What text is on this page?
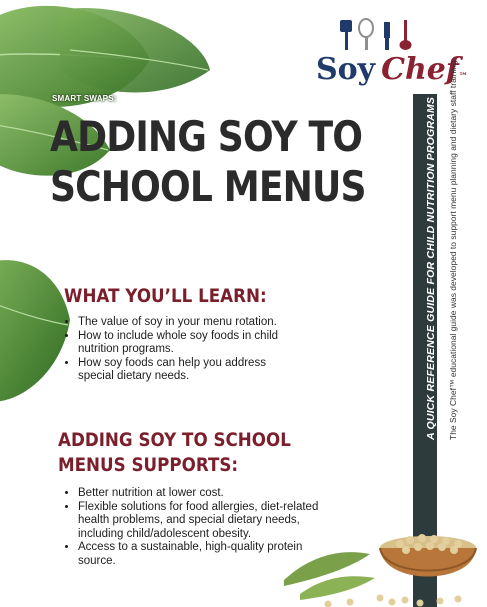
Soy Chef™
SMART SWAPS:
ADDING SOY TO
SCHOOL MENUS	A QUICK REFERENCE GUIDE FOR CHILD NUTRITION PROGRAMS The Soy Chef™ educational guide was developed to support menu planning and dietary staff training.
WHAT YOU’LL LEARN:
• The value of soy in your menu rotation.
• How to include whole soy foods in child nutrition programs.
• How soy foods can help you address special dietary needs.
ADDING SOY TO SCHOOL
MENUS SUPPORTS:
• Better nutrition at lower cost.
• Flexible solutions for food allergies, diet-related health problems, and special dietary needs, including child/adolescent obesity.
• Access to a sustainable, high-quality protein source.
